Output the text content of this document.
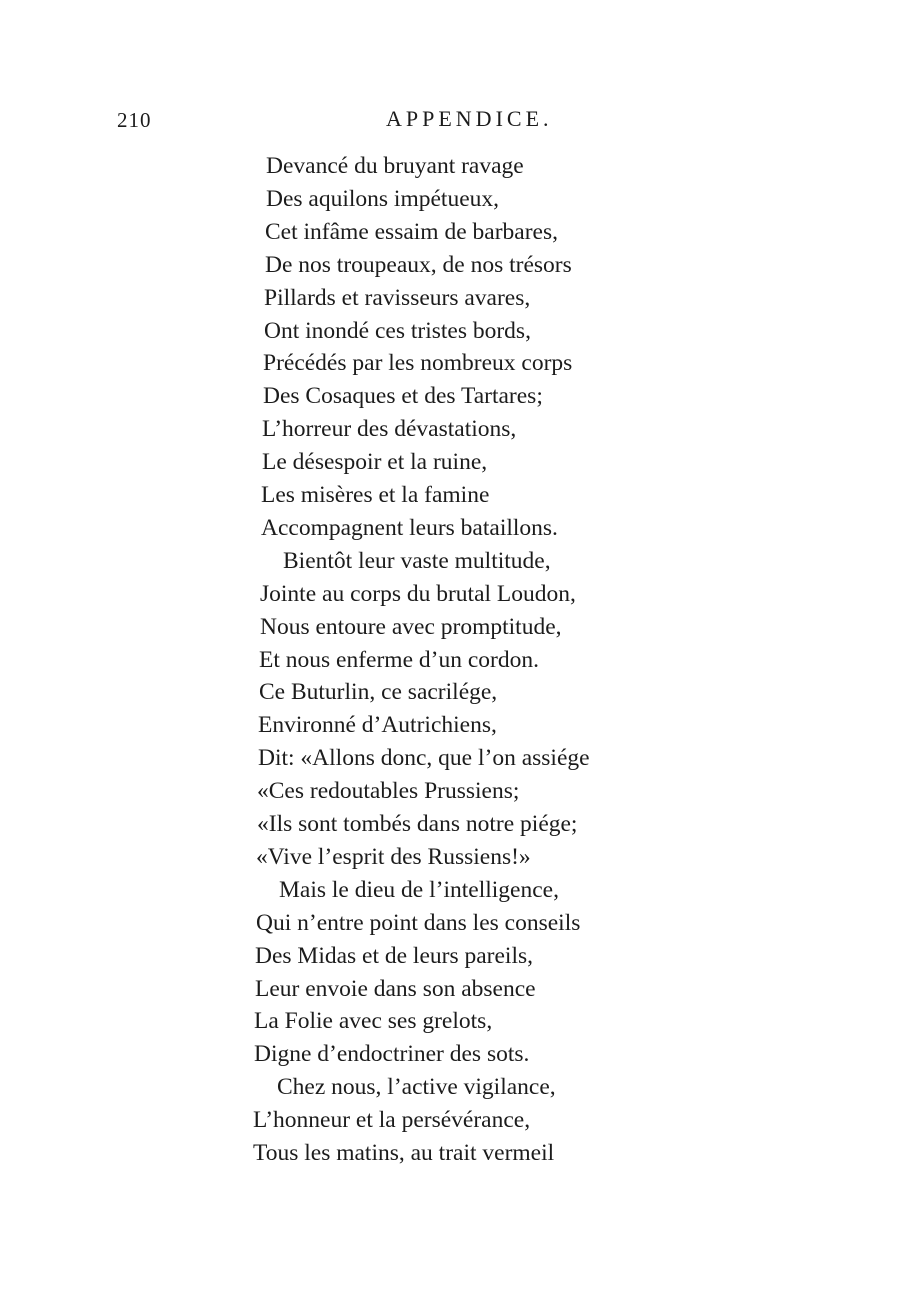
210	APPENDICE.
Devancé du bruyant ravage
Des aquilons impétueux,
Cet infâme essaim de barbares,
De nos troupeaux, de nos trésors
Pillards et ravisseurs avares,
Ont inondé ces tristes bords,
Précédés par les nombreux corps
Des Cosaques et des Tartares;
L’horreur des dévastations,
Le désespoir et la ruine,
Les misères et la famine
Accompagnent leurs bataillons.
Bientôt leur vaste multitude,
Jointe au corps du brutal Loudon,
Nous entoure avec promptitude,
Et nous enferme d’un cordon.
Ce Buturlin, ce sacrilége,
Environné d’Autrichiens,
Dit: «Allons donc, que l’on assiége
«Ces redoutables Prussiens;
«Ils sont tombés dans notre piége;
«Vive l’esprit des Russiens!»
Mais le dieu de l’intelligence,
Qui n’entre point dans les conseils
Des Midas et de leurs pareils,
Leur envoie dans son absence
La Folie avec ses grelots,
Digne d’endoctriner des sots.
Chez nous, l’active vigilance,
L’honneur et la persévérance,
Tous les matins, au trait vermeil
